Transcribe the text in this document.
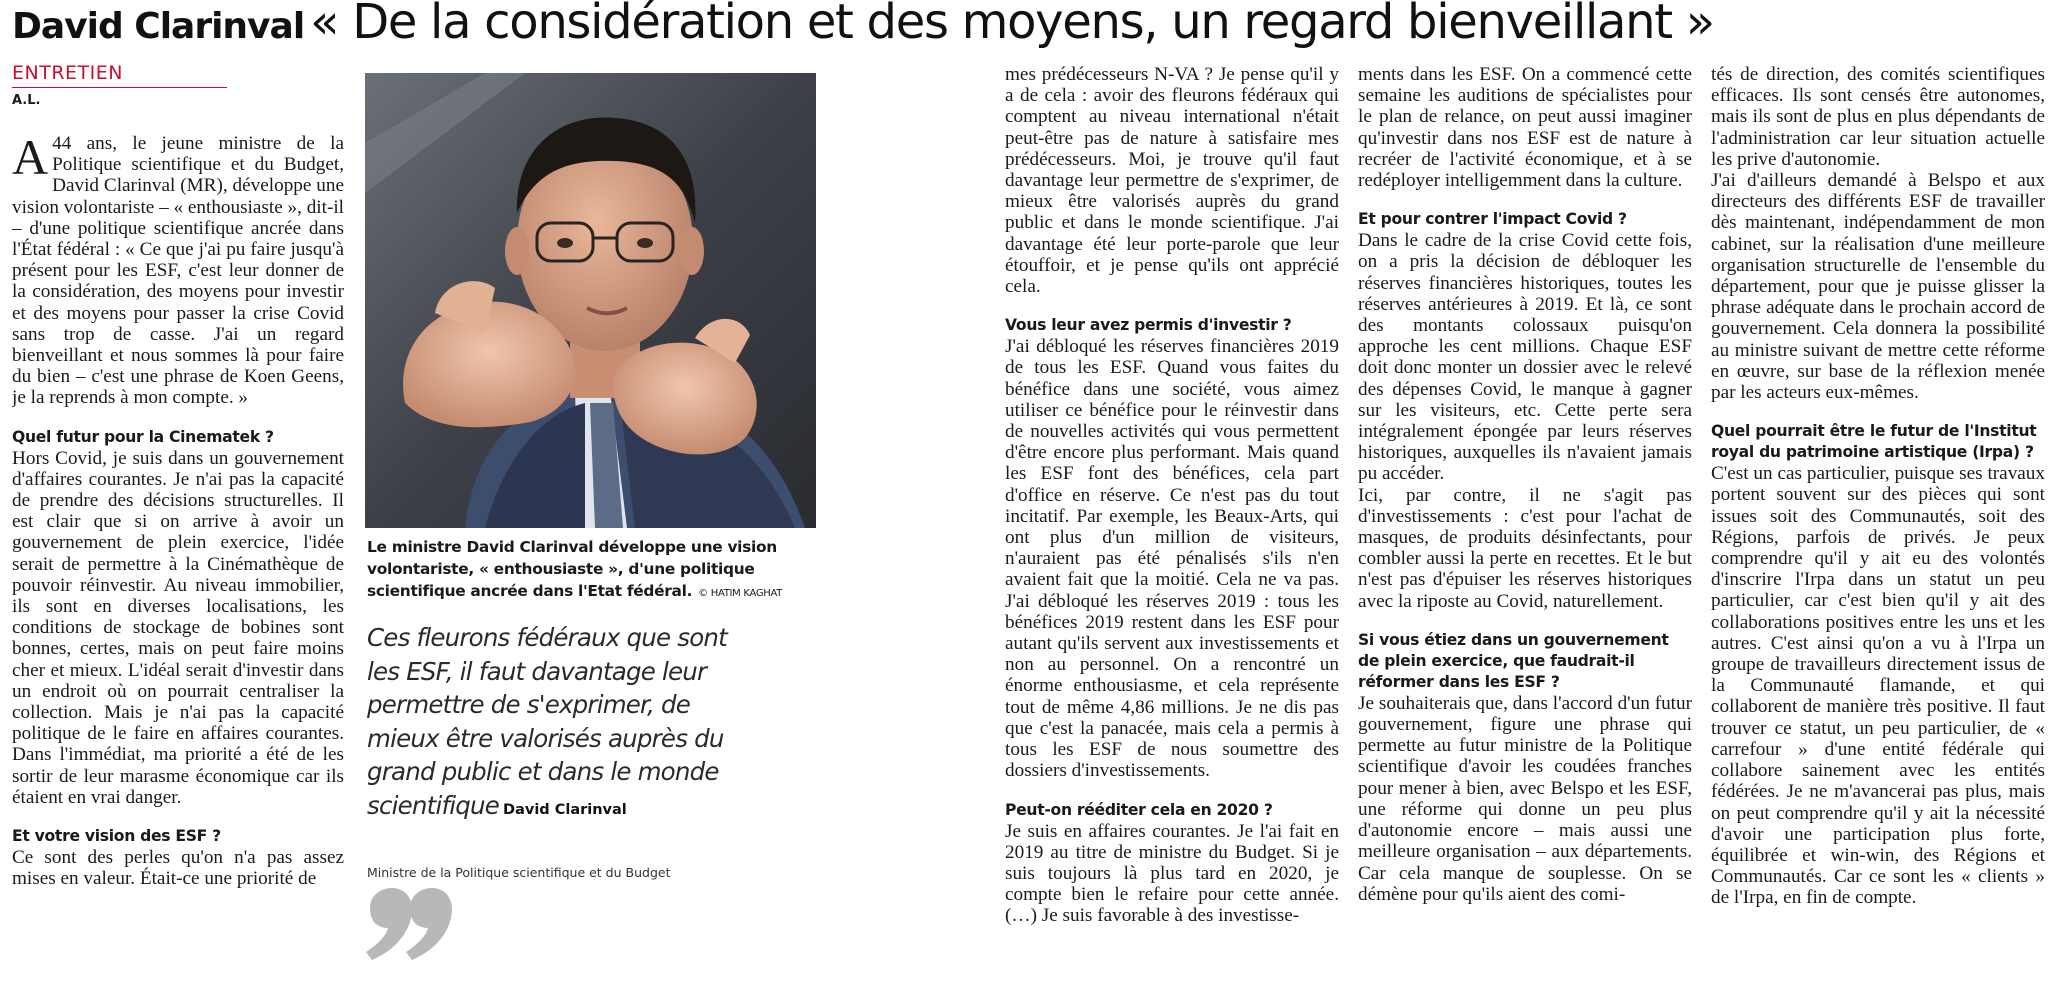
David Clarinval « De la considération et des moyens, un regard bienveillant »
ENTRETIEN
A.L.

A 44 ans, le jeune ministre de la Politique scientifique et du Budget, David Clarinval (MR), développe une vision volontariste – « enthousiaste », dit-il – d'une politique scientifique ancrée dans l'État fédéral : « Ce que j'ai pu faire jusqu'à présent pour les ESF, c'est leur donner de la considération, des moyens pour investir et des moyens pour passer la crise Covid sans trop de casse. J'ai un regard bienveillant et nous sommes là pour faire du bien – c'est une phrase de Koen Geens, je la reprends à mon compte. »

Quel futur pour la Cinematek ?

Hors Covid, je suis dans un gouvernement d'affaires courantes. Je n'ai pas la capacité de prendre des décisions structurelles. Il est clair que si on arrive à avoir un gouvernement de plein exercice, l'idée serait de permettre à la Cinémathèque de pouvoir réinvestir. Au niveau immobilier, ils sont en diverses localisations, les conditions de stockage de bobines sont bonnes, certes, mais on peut faire moins cher et mieux. L'idéal serait d'investir dans un endroit où on pourrait centraliser la collection. Mais je n'ai pas la capacité politique de le faire en affaires courantes. Dans l'immédiat, ma priorité a été de les sortir de leur marasme économique car ils étaient en vrai danger.

Et votre vision des ESF ?

Ce sont des perles qu'on n'a pas assez mises en valeur. Était-ce une priorité de

Le ministre David Clarinval développe une vision volontariste, « enthousiaste », d'une politique scientifique ancrée dans l'Etat fédéral. © HATIM KAGHAT
Ces fleurons fédéraux que sont les ESF, il faut davantage leur permettre de s'exprimer, de mieux être valorisés auprès du grand public et dans le monde scientifique David Clarinval
Ministre de la Politique scientifique et du Budget

mes prédécesseurs N-VA ? Je pense qu'il y a de cela : avoir des fleurons fédéraux qui comptent au niveau international n'était peut-être pas de nature à satisfaire mes prédécesseurs. Moi, je trouve qu'il faut davantage leur permettre de s'exprimer, de mieux être valorisés auprès du grand public et dans le monde scientifique. J'ai davantage été leur porte-parole que leur étouffoir, et je pense qu'ils ont apprécié cela.

Vous leur avez permis d'investir ?

J'ai débloqué les réserves financières 2019 de tous les ESF. Quand vous faites du bénéfice dans une société, vous aimez utiliser ce bénéfice pour le réinvestir dans de nouvelles activités qui vous permettent d'être encore plus performant. Mais quand les ESF font des bénéfices, cela part d'office en réserve. Ce n'est pas du tout incitatif. Par exemple, les Beaux-Arts, qui ont plus d'un million de visiteurs, n'auraient pas été pénalisés s'ils n'en avaient fait que la moitié. Cela ne va pas. J'ai débloqué les réserves 2019 : tous les bénéfices 2019 restent dans les ESF pour autant qu'ils servent aux investissements et non au personnel. On a rencontré un énorme enthousiasme, et cela représente tout de même 4,86 millions. Je ne dis pas que c'est la panacée, mais cela a permis à tous les ESF de nous soumettre des dossiers d'investissements.

Peut-on rééditer cela en 2020 ?

Je suis en affaires courantes. Je l'ai fait en 2019 au titre de ministre du Budget. Si je suis toujours là plus tard en 2020, je compte bien le refaire pour cette année. (…) Je suis favorable à des investisse-

ments dans les ESF. On a commencé cette semaine les auditions de spécialistes pour le plan de relance, on peut aussi imaginer qu'investir dans nos ESF est de nature à recréer de l'activité économique, et à se redéployer intelligemment dans la culture.

Et pour contrer l'impact Covid ?

Dans le cadre de la crise Covid cette fois, on a pris la décision de débloquer les réserves financières historiques, toutes les réserves antérieures à 2019. Et là, ce sont des montants colossaux puisqu'on approche les cent millions. Chaque ESF doit donc monter un dossier avec le relevé des dépenses Covid, le manque à gagner sur les visiteurs, etc. Cette perte sera intégralement épongée par leurs réserves historiques, auxquelles ils n'avaient jamais pu accéder.

Ici, par contre, il ne s'agit pas d'investissements : c'est pour l'achat de masques, de produits désinfectants, pour combler aussi la perte en recettes. Et le but n'est pas d'épuiser les réserves historiques avec la riposte au Covid, naturellement.

Si vous étiez dans un gouvernement de plein exercice, que faudrait-il réformer dans les ESF ?

Je souhaiterais que, dans l'accord d'un futur gouvernement, figure une phrase qui permette au futur ministre de la Politique scientifique d'avoir les coudées franches pour mener à bien, avec Belspo et les ESF, une réforme qui donne un peu plus d'autonomie encore – mais aussi une meilleure organisation – aux départements. Car cela manque de souplesse. On se démène pour qu'ils aient des comi-

tés de direction, des comités scientifiques efficaces. Ils sont censés être autonomes, mais ils sont de plus en plus dépendants de l'administration car leur situation actuelle les prive d'autonomie.

J'ai d'ailleurs demandé à Belspo et aux directeurs des différents ESF de travailler dès maintenant, indépendamment de mon cabinet, sur la réalisation d'une meilleure organisation structurelle de l'ensemble du département, pour que je puisse glisser la phrase adéquate dans le prochain accord de gouvernement. Cela donnera la possibilité au ministre suivant de mettre cette réforme en œuvre, sur base de la réflexion menée par les acteurs eux-mêmes.

Quel pourrait être le futur de l'Institut royal du patrimoine artistique (Irpa) ?

C'est un cas particulier, puisque ses travaux portent souvent sur des pièces qui sont issues soit des Communautés, soit des Régions, parfois de privés. Je peux comprendre qu'il y ait eu des volontés d'inscrire l'Irpa dans un statut un peu particulier, car c'est bien qu'il y ait des collaborations positives entre les uns et les autres. C'est ainsi qu'on a vu à l'Irpa un groupe de travailleurs directement issus de la Communauté flamande, et qui collaborent de manière très positive. Il faut trouver ce statut, un peu particulier, de « carrefour » d'une entité fédérale qui collabore sainement avec les entités fédérées. Je ne m'avancerai pas plus, mais on peut comprendre qu'il y ait la nécessité d'avoir une participation plus forte, équilibrée et win-win, des Régions et Communautés. Car ce sont les « clients » de l'Irpa, en fin de compte.
